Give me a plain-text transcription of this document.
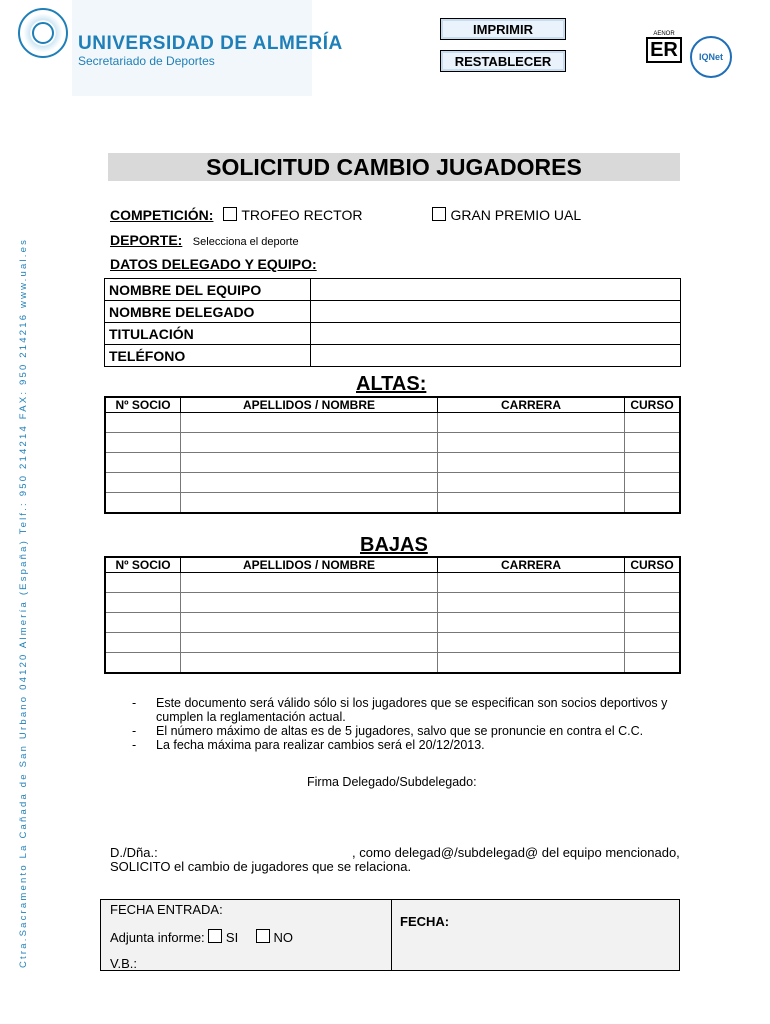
UNIVERSIDAD DE ALMERÍA
Secretariado de Deportes
IMPRIMIR
RESTABLECER
AENOR
ER	IQNet
SOLICITUD CAMBIO JUGADORES
COMPETICIÓN: TROFEO RECTOR	GRAN PREMIO UAL
DEPORTE: Selecciona el deporte
DATOS DELEGADO Y EQUIPO:
NOMBRE DEL EQUIPO	
NOMBRE DELEGADO	
TITULACIÓN	
TELÉFONO	
ALTAS:
Nº SOCIO	APELLIDOS / NOMBRE	CARRERA	CURSO

BAJAS
Nº SOCIO	APELLIDOS / NOMBRE	CARRERA	CURSO

-	Este documento será válido sólo si los jugadores que se especifican son socios deportivos y cumplen la reglamentación actual.
-	El número máximo de altas es de 5 jugadores, salvo que se pronuncie en contra el C.C.
-	La fecha máxima para realizar cambios será el 20/12/2013.
Firma Delegado/Subdelegado:
D./Dña.:	, como delegad@/subdelegad@ del equipo mencionado,
SOLICITO el cambio de jugadores que se relaciona.
FECHA ENTRADA:
Adjunta informe: SI	NO
V.B.:
FECHA:
Ctra.Sacramento La Cañada de San Urbano 04120 Almería (España) Telf.: 950 214214 FAX: 950 214216 www.ual.es
